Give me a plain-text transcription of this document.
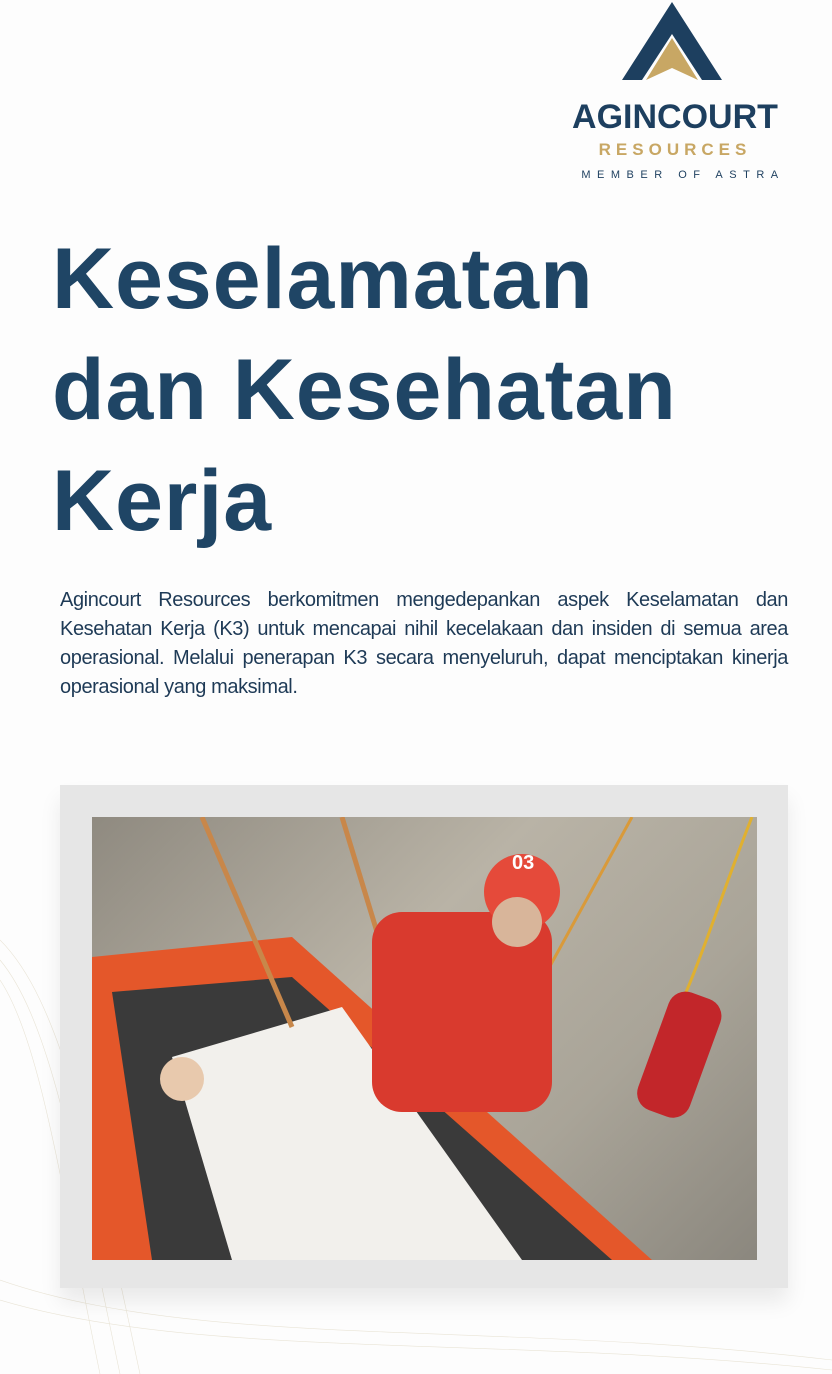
AGINCOURT
RESOURCES
MEMBER OF ASTRA
Keselamatan dan Kesehatan Kerja

Agincourt Resources berkomitmen mengedepankan aspek Keselamatan dan Kesehatan Kerja (K3) untuk mencapai nihil kecelakaan dan insiden di semua area operasional. Melalui penerapan K3 secara menyeluruh, dapat menciptakan kinerja operasional yang maksimal.

03
